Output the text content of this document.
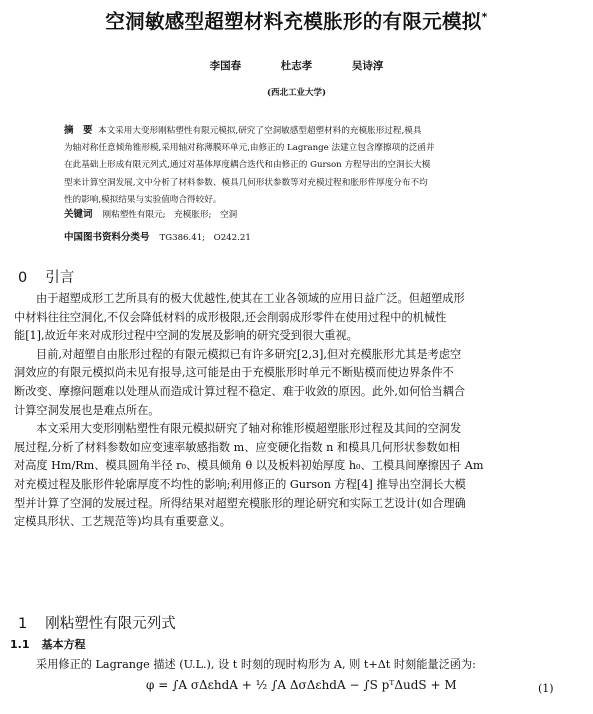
空洞敏感型超塑材料充模胀形的有限元模拟*
李国春	杜志孝	吴诗淳
(西北工业大学)
摘　要 本文采用大变形刚粘塑性有限元模拟,研究了空洞敏感型超塑材料的充模胀形过程,模具
为轴对称任意倾角锥形模,采用轴对称薄膜环单元,由修正的 Lagrange 法建立包含摩擦项的泛函并
在此基础上形成有限元列式,通过对基体厚度耦合迭代和由修正的 Gurson 方程导出的空洞长大模
型来计算空洞发展,文中分析了材料参数、模具几何形状参数等对充模过程和胀形件厚度分布不均
性的影响,模拟结果与实验值吻合得较好。
关键词 刚粘塑性有限元;　充模胀形;　空洞
中国图书资料分类号 TG386.41;　O242.21
0 引言
由于超塑成形工艺所具有的极大优越性,使其在工业各领域的应用日益广泛。但超塑成形
中材料往往空洞化,不仅会降低材料的成形极限,还会削弱成形零件在使用过程中的机械性
能[1],故近年来对成形过程中空洞的发展及影响的研究受到很大重视。
目前,对超塑自由胀形过程的有限元模拟已有许多研究[2,3],但对充模胀形尤其是考虑空
洞效应的有限元模拟尚未见有报导,这可能是由于充模胀形时单元不断贴模而使边界条件不
断改变、摩擦问题难以处理从而造成计算过程不稳定、难于收敛的原因。此外,如何恰当耦合
计算空洞发展也是难点所在。
本文采用大变形刚粘塑性有限元模拟研究了轴对称锥形模超塑胀形过程及其间的空洞发
展过程,分析了材料参数如应变速率敏感指数 m、应变硬化指数 n 和模具几何形状参数如相
对高度 Hm/Rm、模具圆角半径 r₀、模具倾角 θ 以及板料初始厚度 h₀、工模具间摩擦因子 Am
对充模过程及胀形件轮廓厚度不均性的影响;利用修正的 Gurson 方程[4] 推导出空洞长大模
型并计算了空洞的发展过程。所得结果对超塑充模胀形的理论研究和实际工艺设计(如合理确
定模具形状、工艺规范等)均具有重要意义。
1 刚粘塑性有限元列式
1.1 基本方程
采用修正的 Lagrange 描述 (U.L.), 设 t 时刻的现时构形为 A, 则 t+Δt 时刻能量泛函为:
φ = ∫A σΔεhdA + ½ ∫A ΔσΔεhdA − ∫S pᵀΔudS + M	(1)
